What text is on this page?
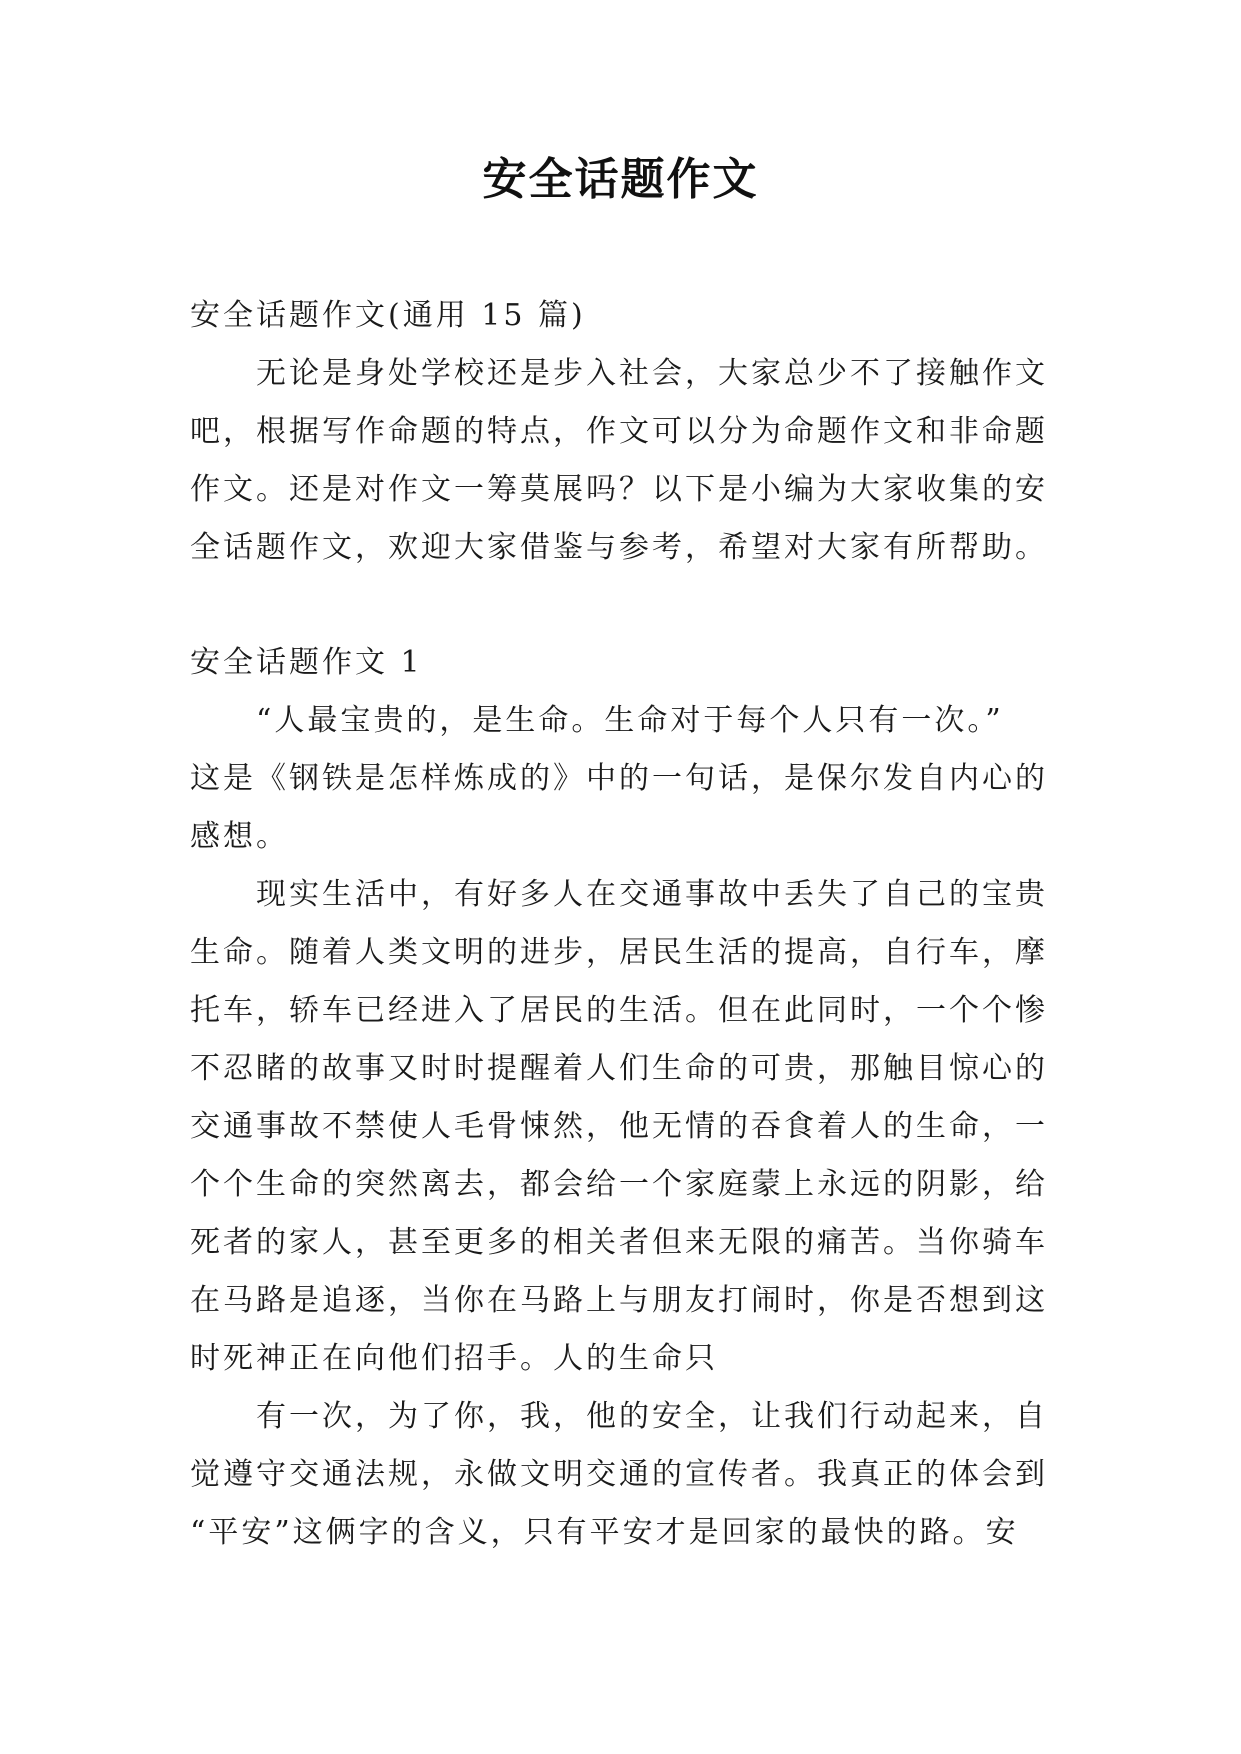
安全话题作文
安全话题作文(通用 15 篇)
无论是身处学校还是步入社会，大家总少不了接触作文
吧，根据写作命题的特点，作文可以分为命题作文和非命题
作文。还是对作文一筹莫展吗？以下是小编为大家收集的安
全话题作文，欢迎大家借鉴与参考，希望对大家有所帮助。
安全话题作文 1
“人最宝贵的，是生命。生命对于每个人只有一次。”
这是《钢铁是怎样炼成的》中的一句话，是保尔发自内心的
感想。
现实生活中，有好多人在交通事故中丢失了自己的宝贵
生命。随着人类文明的进步，居民生活的提高，自行车，摩
托车，轿车已经进入了居民的生活。但在此同时，一个个惨
不忍睹的故事又时时提醒着人们生命的可贵，那触目惊心的
交通事故不禁使人毛骨悚然，他无情的吞食着人的生命，一
个个生命的突然离去，都会给一个家庭蒙上永远的阴影，给
死者的家人，甚至更多的相关者但来无限的痛苦。当你骑车
在马路是追逐，当你在马路上与朋友打闹时，你是否想到这
时死神正在向他们招手。人的生命只
有一次，为了你，我，他的安全，让我们行动起来，自
觉遵守交通法规，永做文明交通的宣传者。我真正的体会到
“平安”这俩字的含义，只有平安才是回家的最快的路。安
